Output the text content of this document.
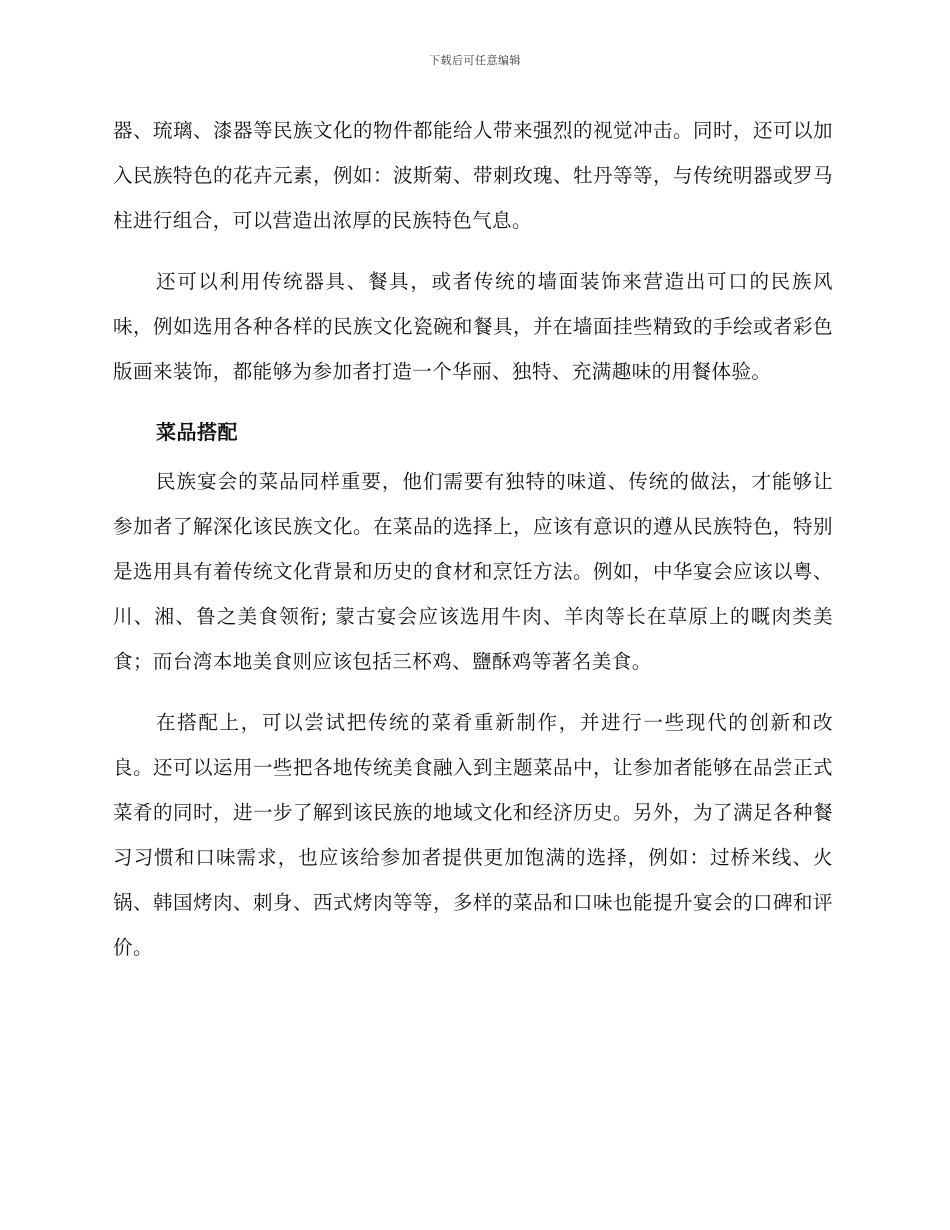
下载后可任意编辑

器、琉璃、漆器等民族文化的物件都能给人带来强烈的视觉冲击。同时，还可以加入民族特色的花卉元素，例如：波斯菊、带刺玫瑰、牡丹等等，与传统明器或罗马柱进行组合，可以营造出浓厚的民族特色气息。

还可以利用传统器具、餐具，或者传统的墙面装饰来营造出可口的民族风味，例如选用各种各样的民族文化瓷碗和餐具，并在墙面挂些精致的手绘或者彩色版画来装饰，都能够为参加者打造一个华丽、独特、充满趣味的用餐体验。

菜品搭配

民族宴会的菜品同样重要，他们需要有独特的味道、传统的做法，才能够让参加者了解深化该民族文化。在菜品的选择上，应该有意识的遵从民族特色，特别是选用具有着传统文化背景和历史的食材和烹饪方法。例如，中华宴会应该以粤、川、湘、鲁之美食领衔; 蒙古宴会应该选用牛肉、羊肉等长在草原上的嘅肉类美食；而台湾本地美食则应该包括三杯鸡、鹽酥鸡等著名美食。

在搭配上，可以尝试把传统的菜肴重新制作，并进行一些现代的创新和改良。还可以运用一些把各地传统美食融入到主题菜品中，让参加者能够在品尝正式菜肴的同时，进一步了解到该民族的地域文化和经济历史。另外，为了满足各种餐习习惯和口味需求，也应该给参加者提供更加饱满的选择，例如：过桥米线、火锅、韩国烤肉、刺身、西式烤肉等等，多样的菜品和口味也能提升宴会的口碑和评价。
